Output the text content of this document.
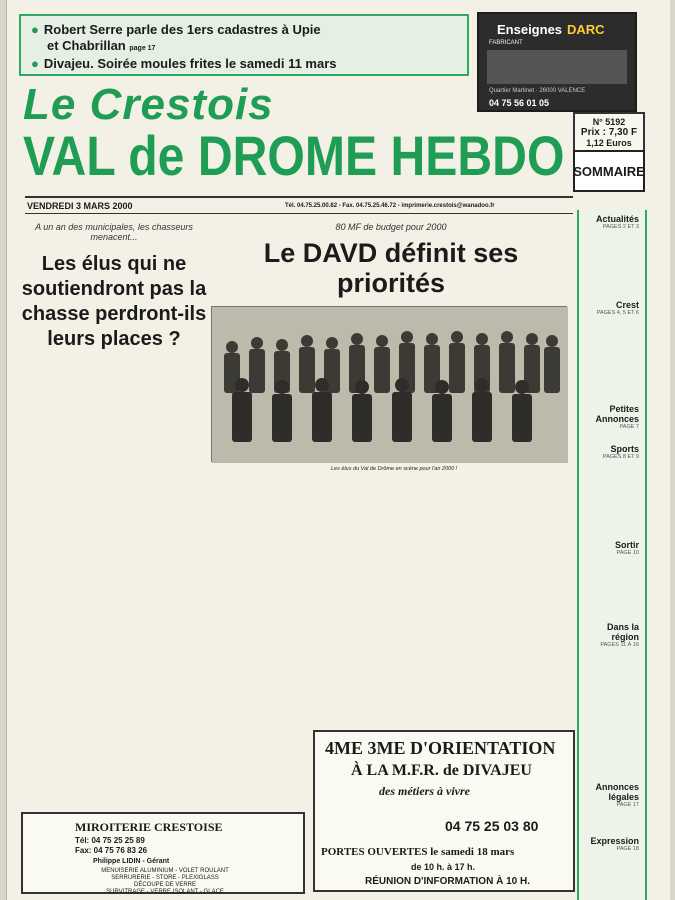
● Robert Serre parle des 1ers cadastres à Upie
et Chabrillan page 17
● Divajeu. Soirée moules frites le samedi 11 mars
Enseignes DARC
FABRICANT
Quartier Martinet · 26000 VALENCE
04 75 56 01 05
Le Crestois
VAL de DROME HEBDO
N° 5192
Prix : 7,30 F
1,12 Euros
SOMMAIRE
VENDREDI 3 MARS 2000	Tél. 04.75.25.00.82 - Fax. 04.75.25.46.72 - imprimerie.crestois@wanadoo.fr
A un an des municipales, les chasseurs menacent...
Les élus qui ne soutiendront pas la chasse perdront-ils leurs places ?
80 MF de budget pour 2000
Le DAVD définit ses priorités
Les élus du Val de Drôme en scène pour l'an 2000 !
4ME 3ME D'ORIENTATION
À LA M.F.R. de DIVAJEU
des métiers à vivre
04 75 25 03 80
PORTES OUVERTES le samedi 18 mars
de 10 h. à 17 h.
RÉUNION D'INFORMATION À 10 H.
MIROITERIE CRESTOISE
Tél: 04 75 25 25 89
Fax: 04 75 76 83 26
Philippe LIDIN - Gérant
MENUISERIE ALUMINIUM - VOLET ROULANT
SERRURERIE - STORE - PLEXIGLASS
DÉCOUPE DE VERRE
SURVITRAGE - VERRE ISOLANT - GLACE
Actualités
PAGES 2 ET 3
Crest
PAGES 4, 5 ET 6
Petites Annonces
PAGE 7
Sports
PAGES 8 ET 9
Sortir
PAGE 10
Dans la région
PAGES 11 À 16
Annonces légales
PAGE 17
Expression
PAGE 18
